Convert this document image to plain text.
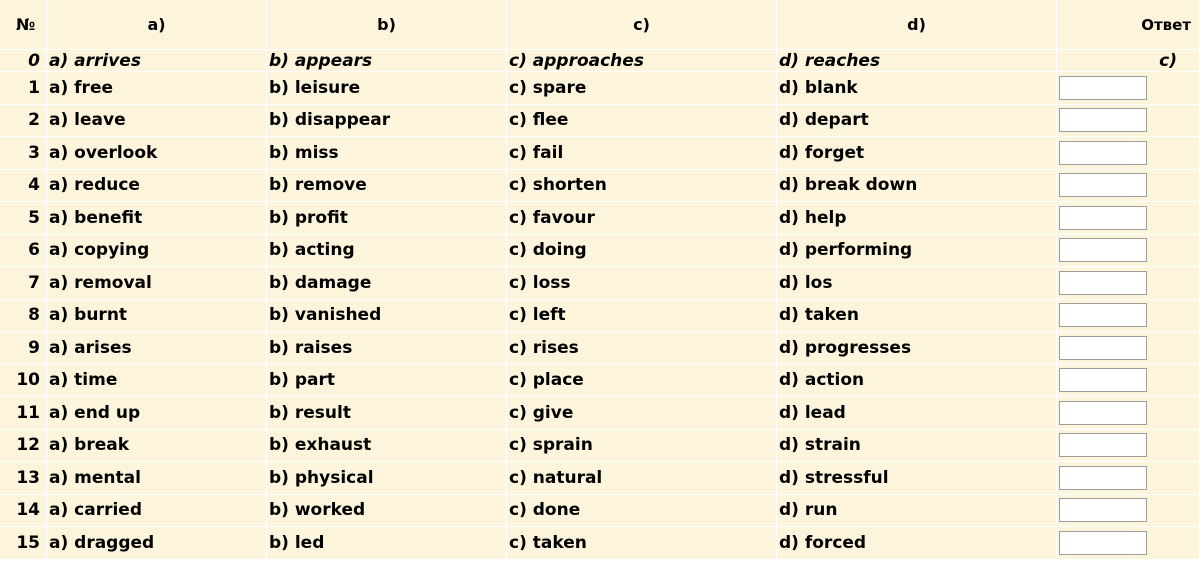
№	a)	b)	c)	d)	Ответ
0 a) arrives	b) appears	c) approaches	d) reaches	c)
1 a) free	b) leisure	c) spare	d) blank
2 a) leave	b) disappear	c) flee	d) depart
3 a) overlook	b) miss	c) fail	d) forget
4 a) reduce	b) remove	c) shorten	d) break down
5 a) benefit	b) profit	c) favour	d) help
6 a) copying	b) acting	c) doing	d) performing
7 a) removal	b) damage	c) loss	d) los
8 a) burnt	b) vanished	c) left	d) taken
9 a) arises	b) raises	c) rises	d) progresses
10 a) time	b) part	c) place	d) action
11 a) end up	b) result	c) give	d) lead
12 a) break	b) exhaust	c) sprain	d) strain
13 a) mental	b) physical	c) natural	d) stressful
14 a) carried	b) worked	c) done	d) run
15 a) dragged	b) led	c) taken	d) forced
